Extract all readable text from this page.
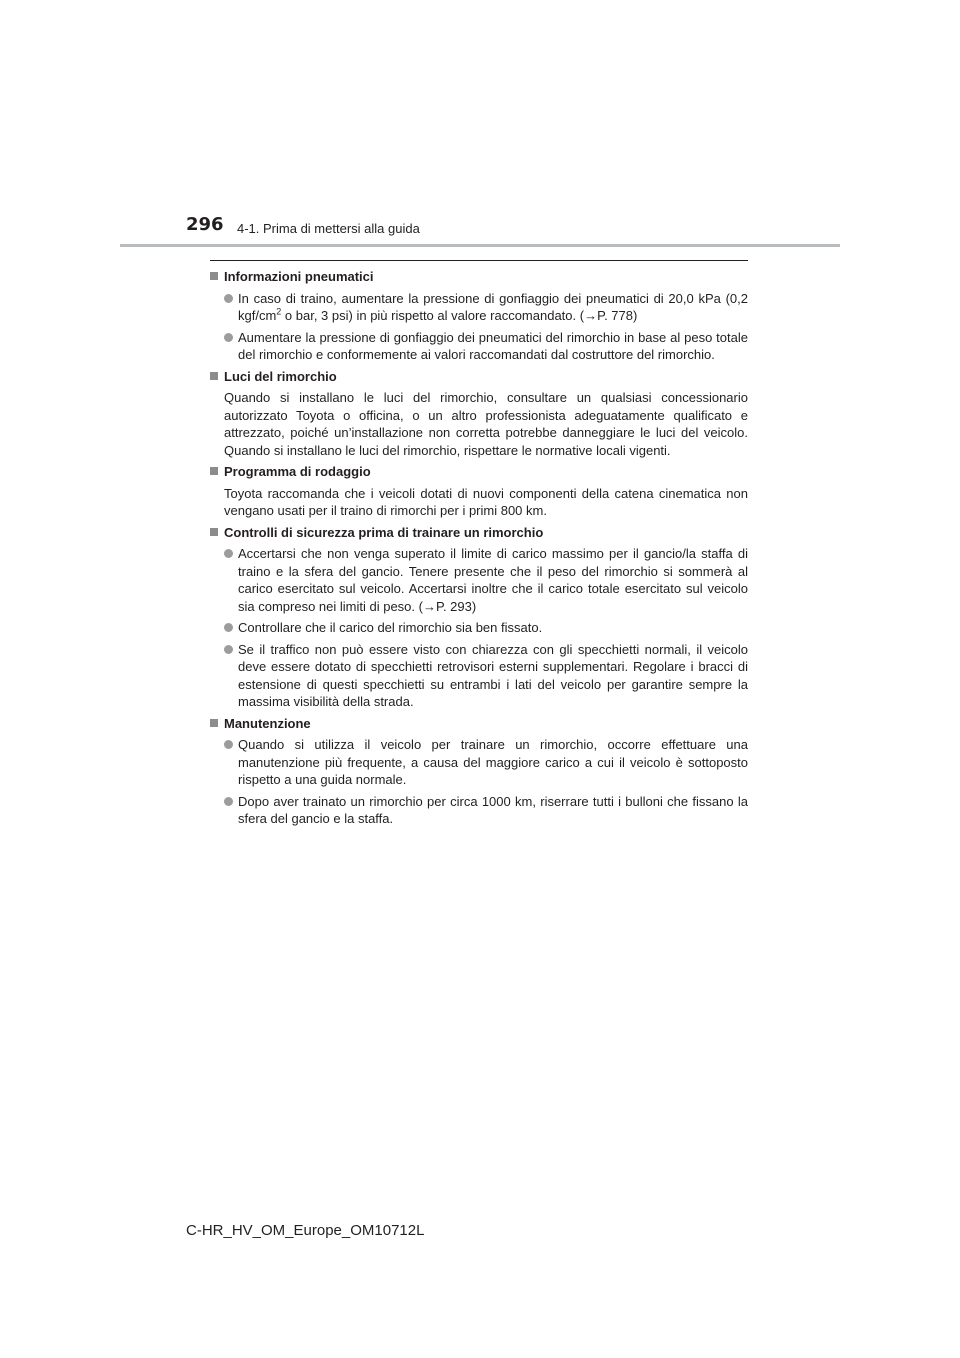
296 4-1. Prima di mettersi alla guida
Informazioni pneumatici
In caso di traino, aumentare la pressione di gonfiaggio dei pneumatici di 20,0 kPa (0,2 kgf/$cm^2$ o bar, 3 psi) in più rispetto al valore raccomandato. (→P. 778)
Aumentare la pressione di gonfiaggio dei pneumatici del rimorchio in base al peso totale del rimorchio e conformemente ai valori raccomandati dal costruttore del rimorchio.
Luci del rimorchio
Quando si installano le luci del rimorchio, consultare un qualsiasi concessionario autorizzato Toyota o officina, o un altro professionista adeguatamente qualificato e attrezzato, poiché un’installazione non corretta potrebbe danneggiare le luci del veicolo. Quando si installano le luci del rimorchio, rispettare le normative locali vigenti.
Programma di rodaggio
Toyota raccomanda che i veicoli dotati di nuovi componenti della catena cinematica non vengano usati per il traino di rimorchi per i primi 800 km.
Controlli di sicurezza prima di trainare un rimorchio
Accertarsi che non venga superato il limite di carico massimo per il gancio/la staffa di traino e la sfera del gancio. Tenere presente che il peso del rimorchio si sommerà al carico esercitato sul veicolo. Accertarsi inoltre che il carico totale esercitato sul veicolo sia compreso nei limiti di peso. (→P. 293)
Controllare che il carico del rimorchio sia ben fissato.
Se il traffico non può essere visto con chiarezza con gli specchietti normali, il veicolo deve essere dotato di specchietti retrovisori esterni supplementari. Regolare i bracci di estensione di questi specchietti su entrambi i lati del veicolo per garantire sempre la massima visibilità della strada.
Manutenzione
Quando si utilizza il veicolo per trainare un rimorchio, occorre effettuare una manutenzione più frequente, a causa del maggiore carico a cui il veicolo è sottoposto rispetto a una guida normale.
Dopo aver trainato un rimorchio per circa 1000 km, riserrare tutti i bulloni che fissano la sfera del gancio e la staffa.
C-HR_HV_OM_Europe_OM10712L
